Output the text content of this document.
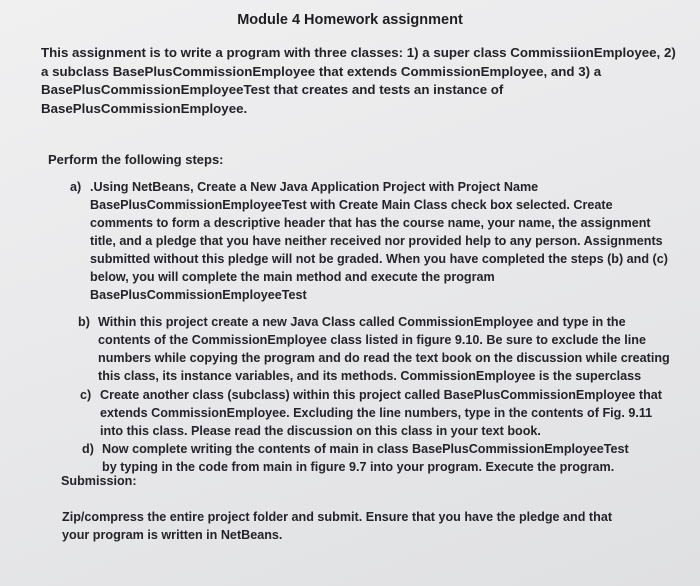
Module 4 Homework assignment
This assignment is to write a program with three classes: 1) a super class CommissiionEmployee, 2) a subclass BasePlusCommissionEmployee that extends CommissionEmployee, and 3) a BasePlusCommissionEmployeeTest that creates and tests an instance of BasePlusCommissionEmployee.
Perform the following steps:
a) .Using NetBeans, Create a New Java Application Project with Project Name BasePlusCommissionEmployeeTest with Create Main Class check box selected. Create comments to form a descriptive header that has the course name, your name, the assignment title, and a pledge that you have neither received nor provided help to any person. Assignments submitted without this pledge will not be graded. When you have completed the steps (b) and (c) below, you will complete the main method and execute the program BasePlusCommissionEmployeeTest
b) Within this project create a new Java Class called CommissionEmployee and type in the contents of the CommissionEmployee class listed in figure 9.10. Be sure to exclude the line numbers while copying the program and do read the text book on the discussion while creating this class, its instance variables, and its methods. CommissionEmployee is the superclass
c) Create another class (subclass) within this project called BasePlusCommissionEmployee that extends CommissionEmployee. Excluding the line numbers, type in the contents of Fig. 9.11 into this class. Please read the discussion on this class in your text book.
d) Now complete writing the contents of main in class BasePlusCommissionEmployeeTest by typing in the code from main in figure 9.7 into your program. Execute the program.
Submission:
Zip/compress the entire project folder and submit. Ensure that you have the pledge and that your program is written in NetBeans.
